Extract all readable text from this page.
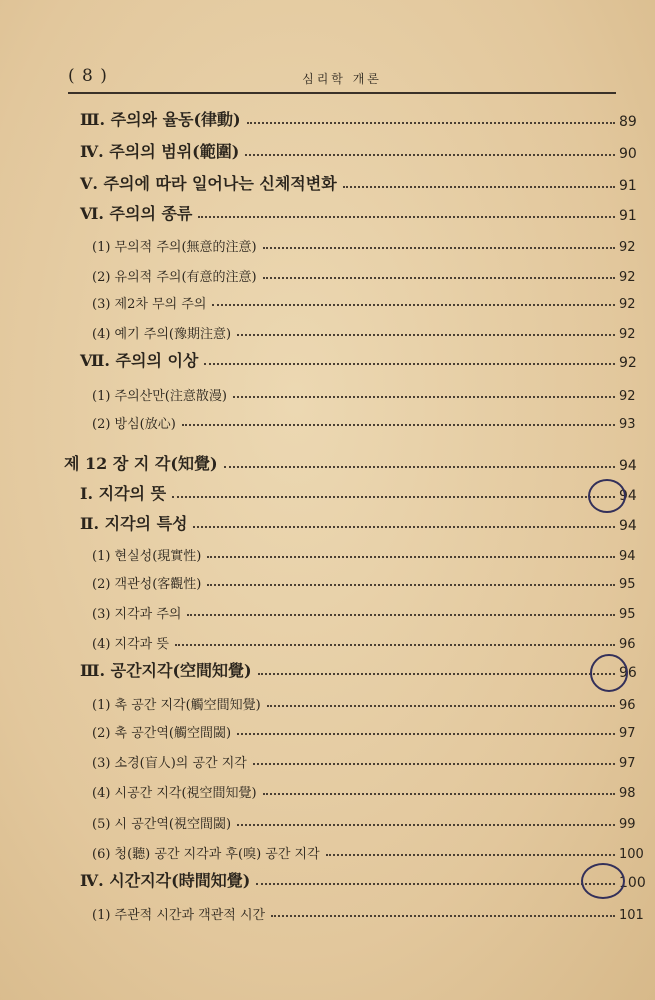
( 8 )	심리학 개론
Ⅲ. 주의와 율동(律動)	89
Ⅳ. 주의의 범위(範圍)	90
Ⅴ. 주의에 따라 일어나는 신체적변화	91
Ⅵ. 주의의 종류	91
(1) 무의적 주의(無意的注意)	92
(2) 유의적 주의(有意的注意)	92
(3) 제2차 무의 주의	92
(4) 예기 주의(豫期注意)	92
Ⅶ. 주의의 이상	92
(1) 주의산만(注意散漫)	92
(2) 방심(放心)	93
제 12 장 지 각(知覺)	94
Ⅰ. 지각의 뜻	94
Ⅱ. 지각의 특성	94
(1) 현실성(現實性)	94
(2) 객관성(客觀性)	95
(3) 지각과 주의	95
(4) 지각과 뜻	96
Ⅲ. 공간지각(空間知覺)	96
(1) 촉 공간 지각(觸空間知覺)	96
(2) 촉 공간역(觸空間閾)	97
(3) 소경(盲人)의 공간 지각	97
(4) 시공간 지각(視空間知覺)	98
(5) 시 공간역(視空間閾)	99
(6) 청(聽) 공간 지각과 후(嗅) 공간 지각	100
Ⅳ. 시간지각(時間知覺)	100
(1) 주관적 시간과 객관적 시간	101
